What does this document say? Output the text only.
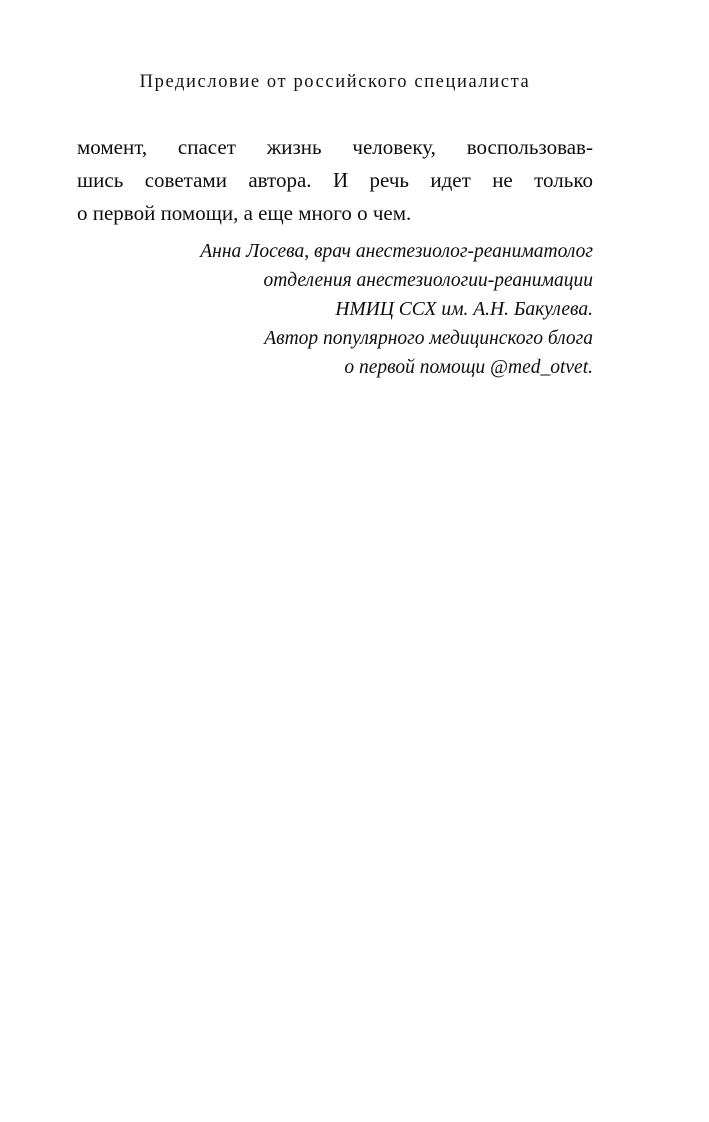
Предисловие от российского специалиста

момент, спасет жизнь человеку, воспользовав-

шись советами автора. И речь идет не только

о первой помощи, а еще много о чем.

Анна Лосева, врач анестезиолог-реаниматолог
отделения анестезиологии-реанимации
НМИЦ ССХ им. А.Н. Бакулева.
Автор популярного медицинского блога
о первой помощи @med_otvet.
